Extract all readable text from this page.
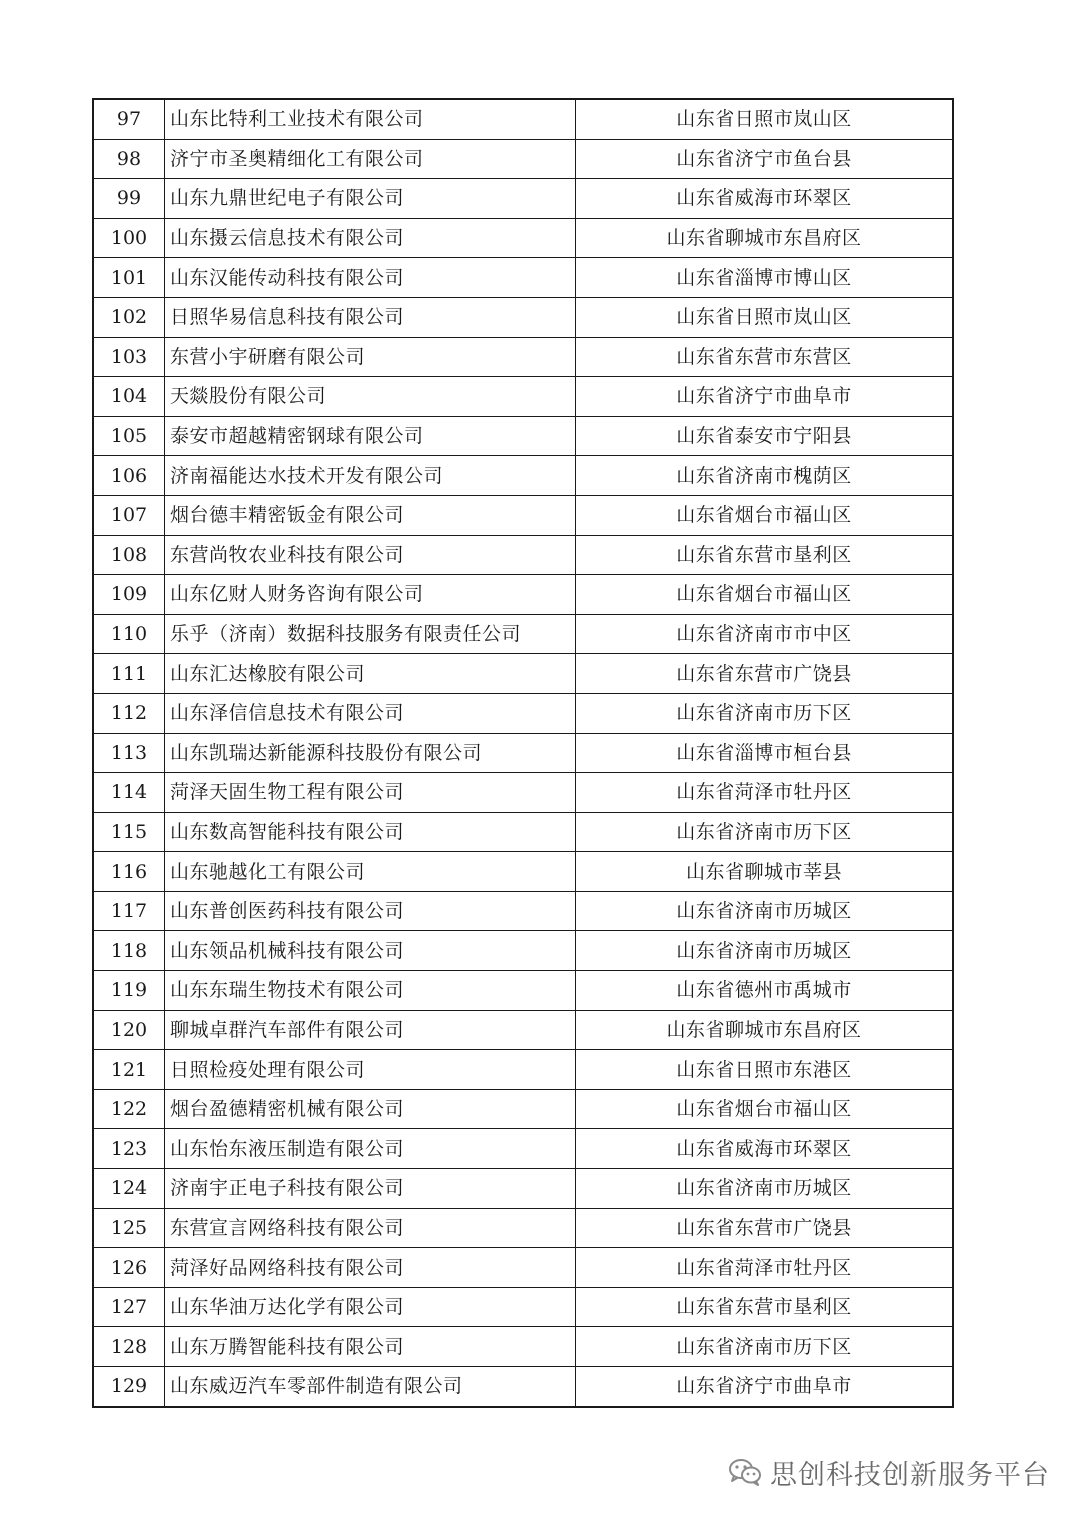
97	山东比特利工业技术有限公司	山东省日照市岚山区
98	济宁市圣奥精细化工有限公司	山东省济宁市鱼台县
99	山东九鼎世纪电子有限公司	山东省威海市环翠区
100	山东摄云信息技术有限公司	山东省聊城市东昌府区
101	山东汉能传动科技有限公司	山东省淄博市博山区
102	日照华易信息科技有限公司	山东省日照市岚山区
103	东营小宇研磨有限公司	山东省东营市东营区
104	天燚股份有限公司	山东省济宁市曲阜市
105	泰安市超越精密钢球有限公司	山东省泰安市宁阳县
106	济南福能达水技术开发有限公司	山东省济南市槐荫区
107	烟台德丰精密钣金有限公司	山东省烟台市福山区
108	东营尚牧农业科技有限公司	山东省东营市垦利区
109	山东亿财人财务咨询有限公司	山东省烟台市福山区
110	乐乎（济南）数据科技服务有限责任公司	山东省济南市市中区
111	山东汇达橡胶有限公司	山东省东营市广饶县
112	山东泽信信息技术有限公司	山东省济南市历下区
113	山东凯瑞达新能源科技股份有限公司	山东省淄博市桓台县
114	菏泽天固生物工程有限公司	山东省菏泽市牡丹区
115	山东数高智能科技有限公司	山东省济南市历下区
116	山东驰越化工有限公司	山东省聊城市莘县
117	山东普创医药科技有限公司	山东省济南市历城区
118	山东领品机械科技有限公司	山东省济南市历城区
119	山东东瑞生物技术有限公司	山东省德州市禹城市
120	聊城卓群汽车部件有限公司	山东省聊城市东昌府区
121	日照检疫处理有限公司	山东省日照市东港区
122	烟台盈德精密机械有限公司	山东省烟台市福山区
123	山东怡东液压制造有限公司	山东省威海市环翠区
124	济南宇正电子科技有限公司	山东省济南市历城区
125	东营宣言网络科技有限公司	山东省东营市广饶县
126	菏泽好品网络科技有限公司	山东省菏泽市牡丹区
127	山东华油万达化学有限公司	山东省东营市垦利区
128	山东万腾智能科技有限公司	山东省济南市历下区
129	山东威迈汽车零部件制造有限公司	山东省济宁市曲阜市
思创科技创新服务平台
